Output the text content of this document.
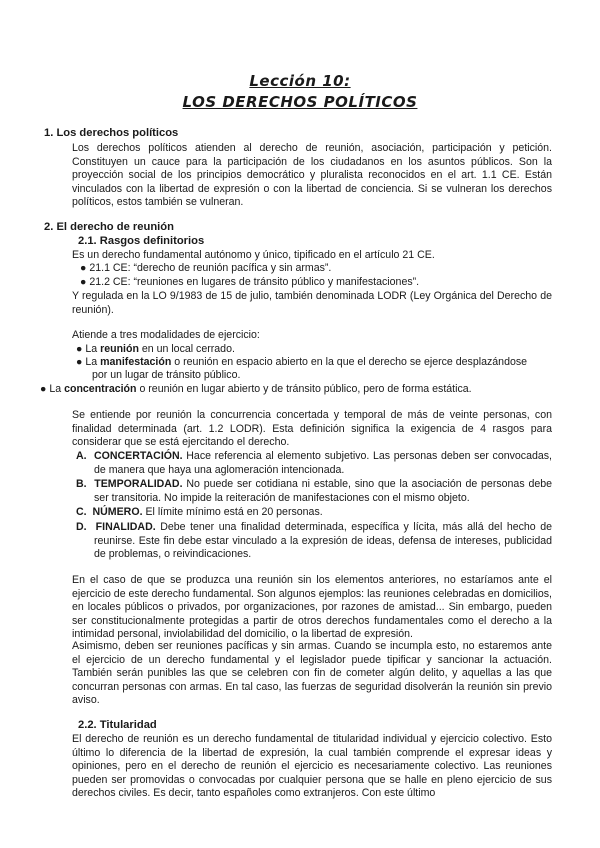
Lección 10:
LOS DERECHOS POLÍTICOS
1. Los derechos políticos

Los derechos políticos atienden al derecho de reunión, asociación, participación y petición. Constituyen un cauce para la participación de los ciudadanos en los asuntos públicos. Son la proyección social de los principios democrático y pluralista reconocidos en el art. 1.1 CE. Están vinculados con la libertad de expresión o con la libertad de conciencia. Si se vulneran los derechos políticos, estos también se vulneran.

2. El derecho de reunión
2.1. Rasgos definitorios

Es un derecho fundamental autónomo y único, tipificado en el artículo 21 CE.

● 21.1 CE: “derecho de reunión pacífica y sin armas”.

● 21.2 CE: “reuniones en lugares de tránsito público y manifestaciones”.

Y regulada en la LO 9/1983 de 15 de julio, también denominada LODR (Ley Orgánica del Derecho de reunión).

Atiende a tres modalidades de ejercicio:

● La reunión en un local cerrado.

● La manifestación o reunión en espacio abierto en la que el derecho se ejerce desplazándose

por un lugar de tránsito público.

● La concentración o reunión en lugar abierto y de tránsito público, pero de forma estática.

Se entiende por reunión la concurrencia concertada y temporal de más de veinte personas, con finalidad determinada (art. 1.2 LODR). Esta definición significa la exigencia de 4 rasgos para considerar que se está ejercitando el derecho.

A. CONCERTACIÓN. Hace referencia al elemento subjetivo. Las personas deben ser convocadas, de manera que haya una aglomeración intencionada.

B. TEMPORALIDAD. No puede ser cotidiana ni estable, sino que la asociación de personas debe ser transitoria. No impide la reiteración de manifestaciones con el mismo objeto.

C. NÚMERO. El límite mínimo está en 20 personas.

D. FINALIDAD. Debe tener una finalidad determinada, específica y lícita, más allá del hecho de reunirse. Este fin debe estar vinculado a la expresión de ideas, defensa de intereses, publicidad de problemas, o reivindicaciones.

En el caso de que se produzca una reunión sin los elementos anteriores, no estaríamos ante el ejercicio de este derecho fundamental. Son algunos ejemplos: las reuniones celebradas en domicilios, en locales públicos o privados, por organizaciones, por razones de amistad... Sin embargo, pueden ser constitucionalmente protegidas a partir de otros derechos fundamentales como el derecho a la intimidad personal, inviolabilidad del domicilio, o la libertad de expresión.

Asimismo, deben ser reuniones pacíficas y sin armas. Cuando se incumpla esto, no estaremos ante el ejercicio de un derecho fundamental y el legislador puede tipificar y sancionar la actuación. También serán punibles las que se celebren con fin de cometer algún delito, y aquellas a las que concurran personas con armas. En tal caso, las fuerzas de seguridad disolverán la reunión sin previo aviso.

2.2. Titularidad

El derecho de reunión es un derecho fundamental de titularidad individual y ejercicio colectivo. Esto último lo diferencia de la libertad de expresión, la cual también comprende el expresar ideas y opiniones, pero en el derecho de reunión el ejercicio es necesariamente colectivo. Las reuniones pueden ser promovidas o convocadas por cualquier persona que se halle en pleno ejercicio de sus derechos civiles. Es decir, tanto españoles como extranjeros. Con este último
